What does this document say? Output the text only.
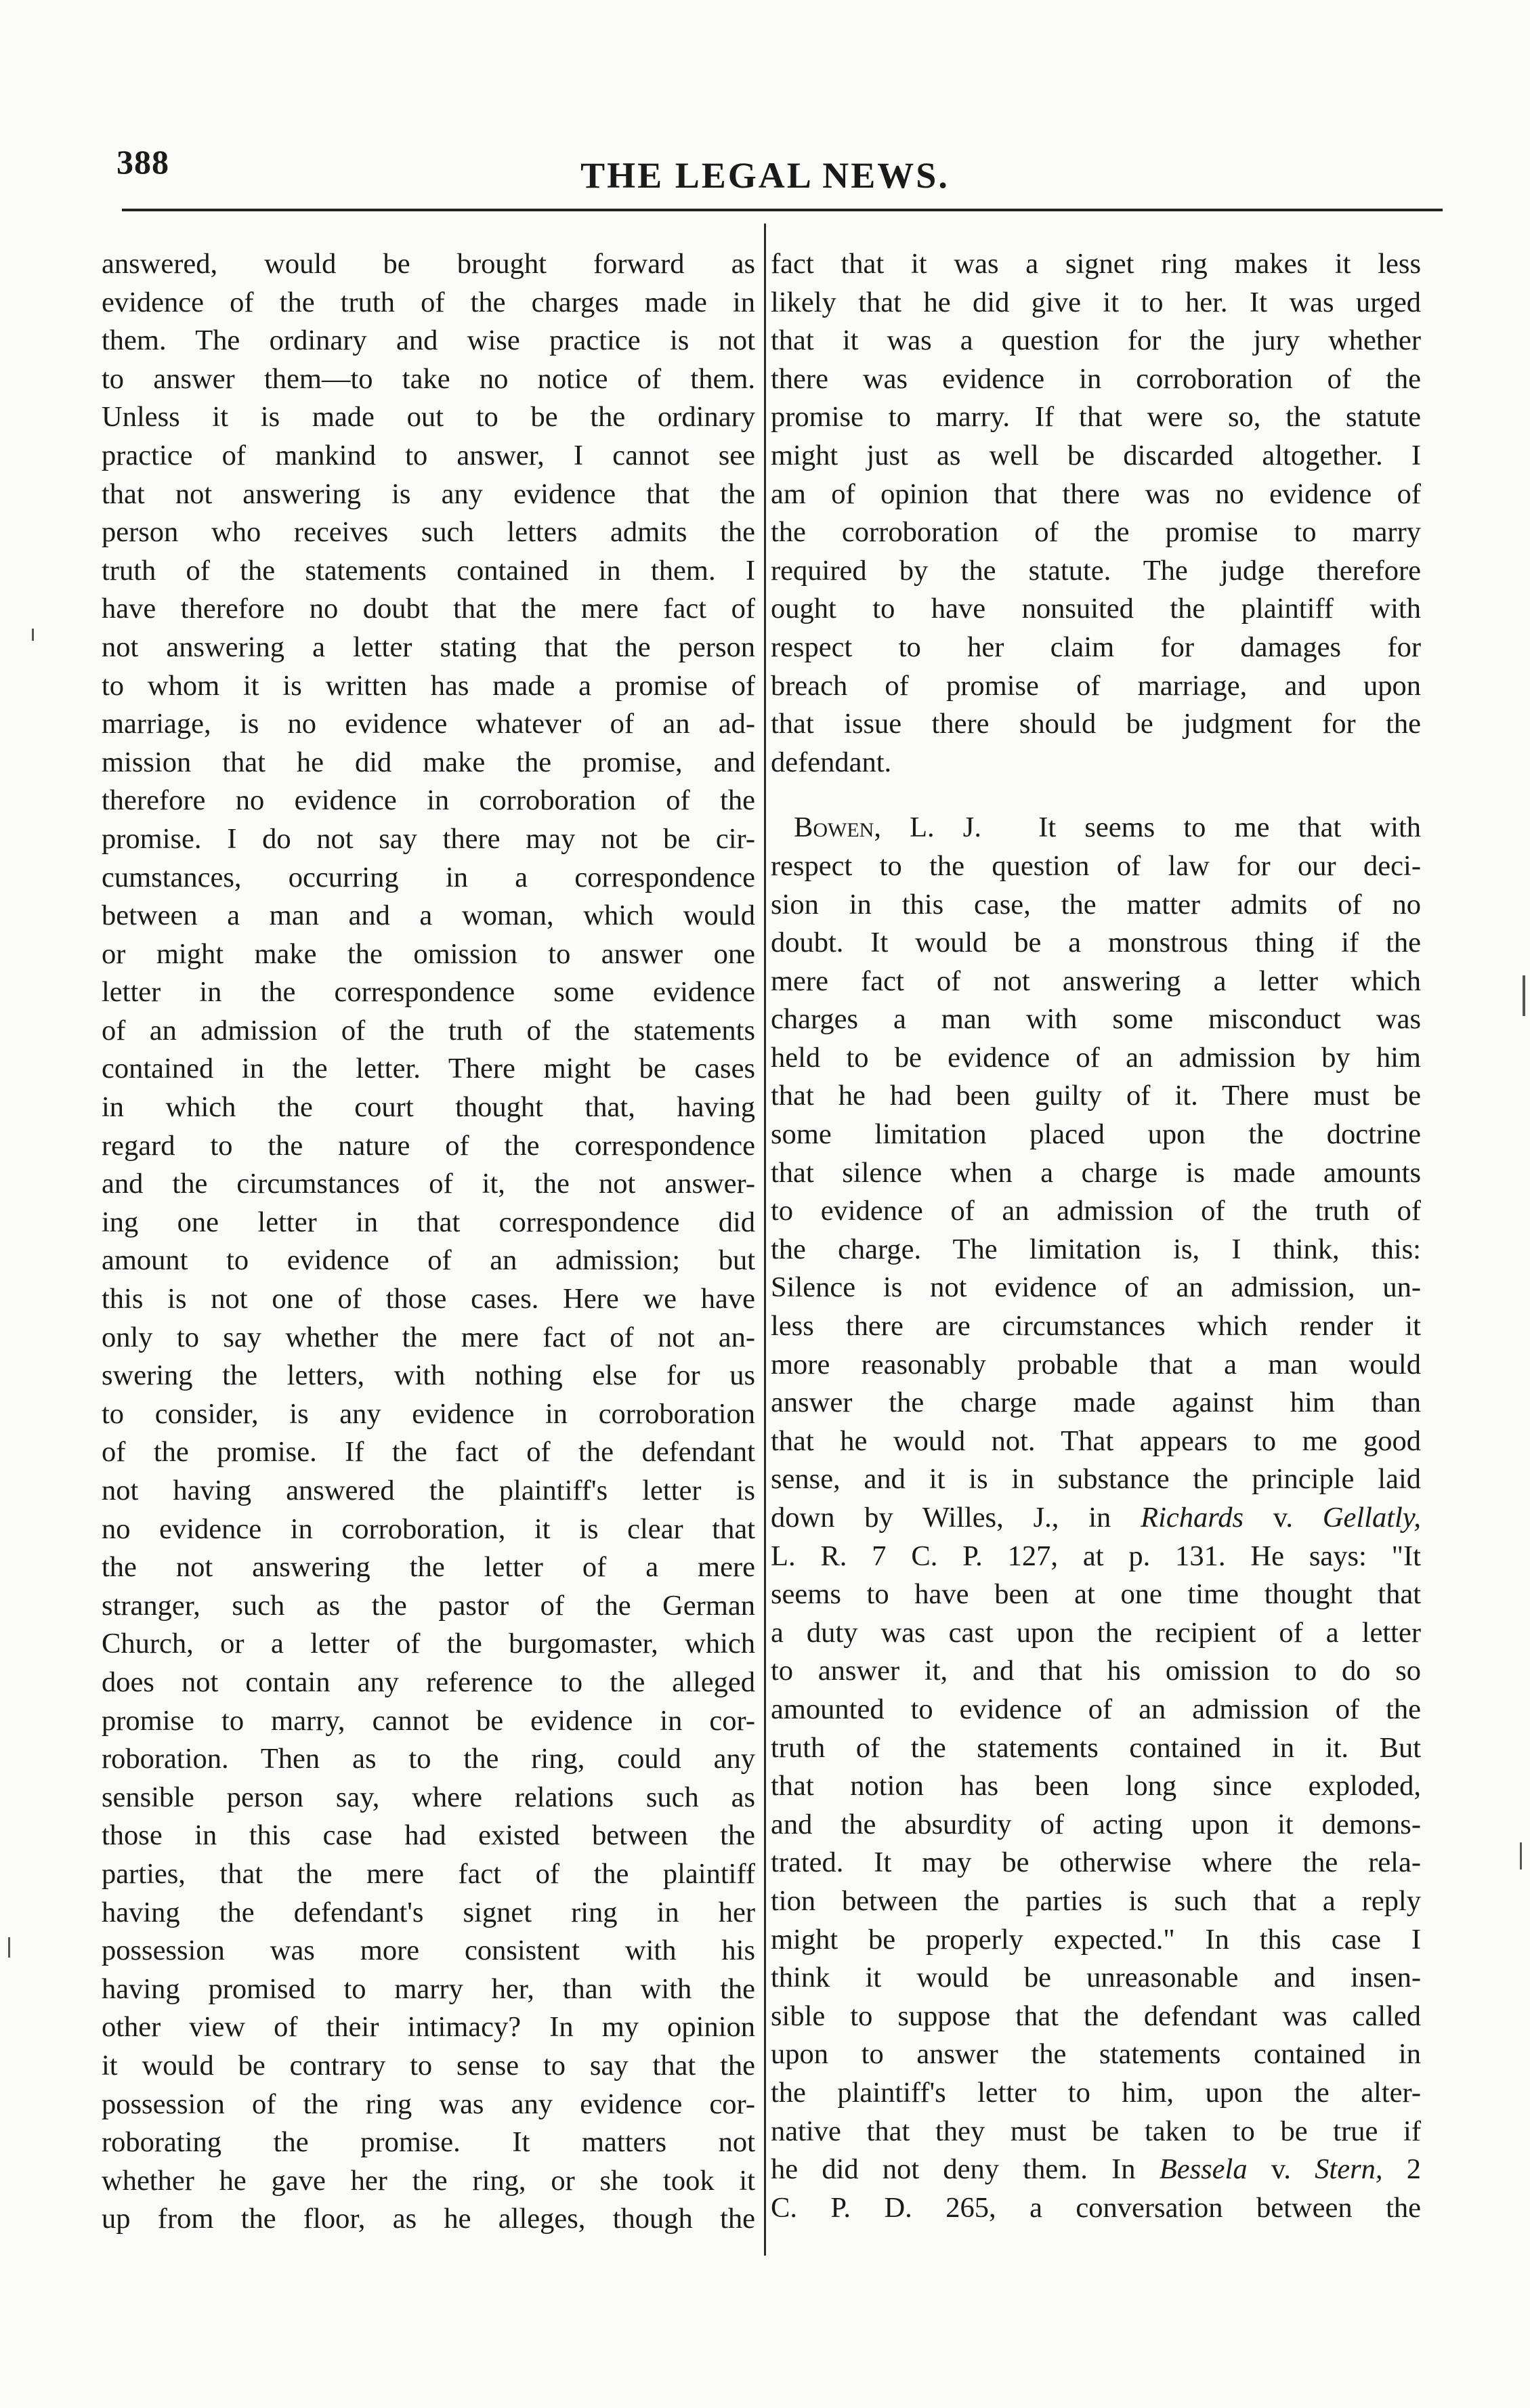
388	THE LEGAL NEWS.
answered, would be brought forward as
evidence of the truth of the charges made in
them. The ordinary and wise practice is not
to answer them—to take no notice of them.
Unless it is made out to be the ordinary
practice of mankind to answer, I cannot see
that not answering is any evidence that the
person who receives such letters admits the
truth of the statements contained in them. I
have therefore no doubt that the mere fact of
not answering a letter stating that the person
to whom it is written has made a promise of
marriage, is no evidence whatever of an ad-
mission that he did make the promise, and
therefore no evidence in corroboration of the
promise. I do not say there may not be cir-
cumstances, occurring in a correspondence
between a man and a woman, which would
or might make the omission to answer one
letter in the correspondence some evidence
of an admission of the truth of the statements
contained in the letter. There might be cases
in which the court thought that, having
regard to the nature of the correspondence
and the circumstances of it, the not answer-
ing one letter in that correspondence did
amount to evidence of an admission; but
this is not one of those cases. Here we have
only to say whether the mere fact of not an-
swering the letters, with nothing else for us
to consider, is any evidence in corroboration
of the promise. If the fact of the defendant
not having answered the plaintiff's letter is
no evidence in corroboration, it is clear that
the not answering the letter of a mere
stranger, such as the pastor of the German
Church, or a letter of the burgomaster, which
does not contain any reference to the alleged
promise to marry, cannot be evidence in cor-
roboration. Then as to the ring, could any
sensible person say, where relations such as
those in this case had existed between the
parties, that the mere fact of the plaintiff
having the defendant's signet ring in her
possession was more consistent with his
having promised to marry her, than with the
other view of their intimacy? In my opinion
it would be contrary to sense to say that the
possession of the ring was any evidence cor-
roborating the promise. It matters not
whether he gave her the ring, or she took it
up from the floor, as he alleges, though the
fact that it was a signet ring makes it less
likely that he did give it to her. It was urged
that it was a question for the jury whether
there was evidence in corroboration of the
promise to marry. If that were so, the statute
might just as well be discarded altogether. I
am of opinion that there was no evidence of
the corroboration of the promise to marry
required by the statute. The judge therefore
ought to have nonsuited the plaintiff with
respect to her claim for damages for
breach of promise of marriage, and upon
that issue there should be judgment for the
defendant.
Bowen, L. J. It seems to me that with
respect to the question of law for our deci-
sion in this case, the matter admits of no
doubt. It would be a monstrous thing if the
mere fact of not answering a letter which
charges a man with some misconduct was
held to be evidence of an admission by him
that he had been guilty of it. There must be
some limitation placed upon the doctrine
that silence when a charge is made amounts
to evidence of an admission of the truth of
the charge. The limitation is, I think, this:
Silence is not evidence of an admission, un-
less there are circumstances which render it
more reasonably probable that a man would
answer the charge made against him than
that he would not. That appears to me good
sense, and it is in substance the principle laid
down by Willes, J., in Richards v. Gellatly,
L. R. 7 C. P. 127, at p. 131. He says: "It
seems to have been at one time thought that
a duty was cast upon the recipient of a letter
to answer it, and that his omission to do so
amounted to evidence of an admission of the
truth of the statements contained in it. But
that notion has been long since exploded,
and the absurdity of acting upon it demons-
trated. It may be otherwise where the rela-
tion between the parties is such that a reply
might be properly expected." In this case I
think it would be unreasonable and insen-
sible to suppose that the defendant was called
upon to answer the statements contained in
the plaintiff's letter to him, upon the alter-
native that they must be taken to be true if
he did not deny them. In Bessela v. Stern, 2
C. P. D. 265, a conversation between the
